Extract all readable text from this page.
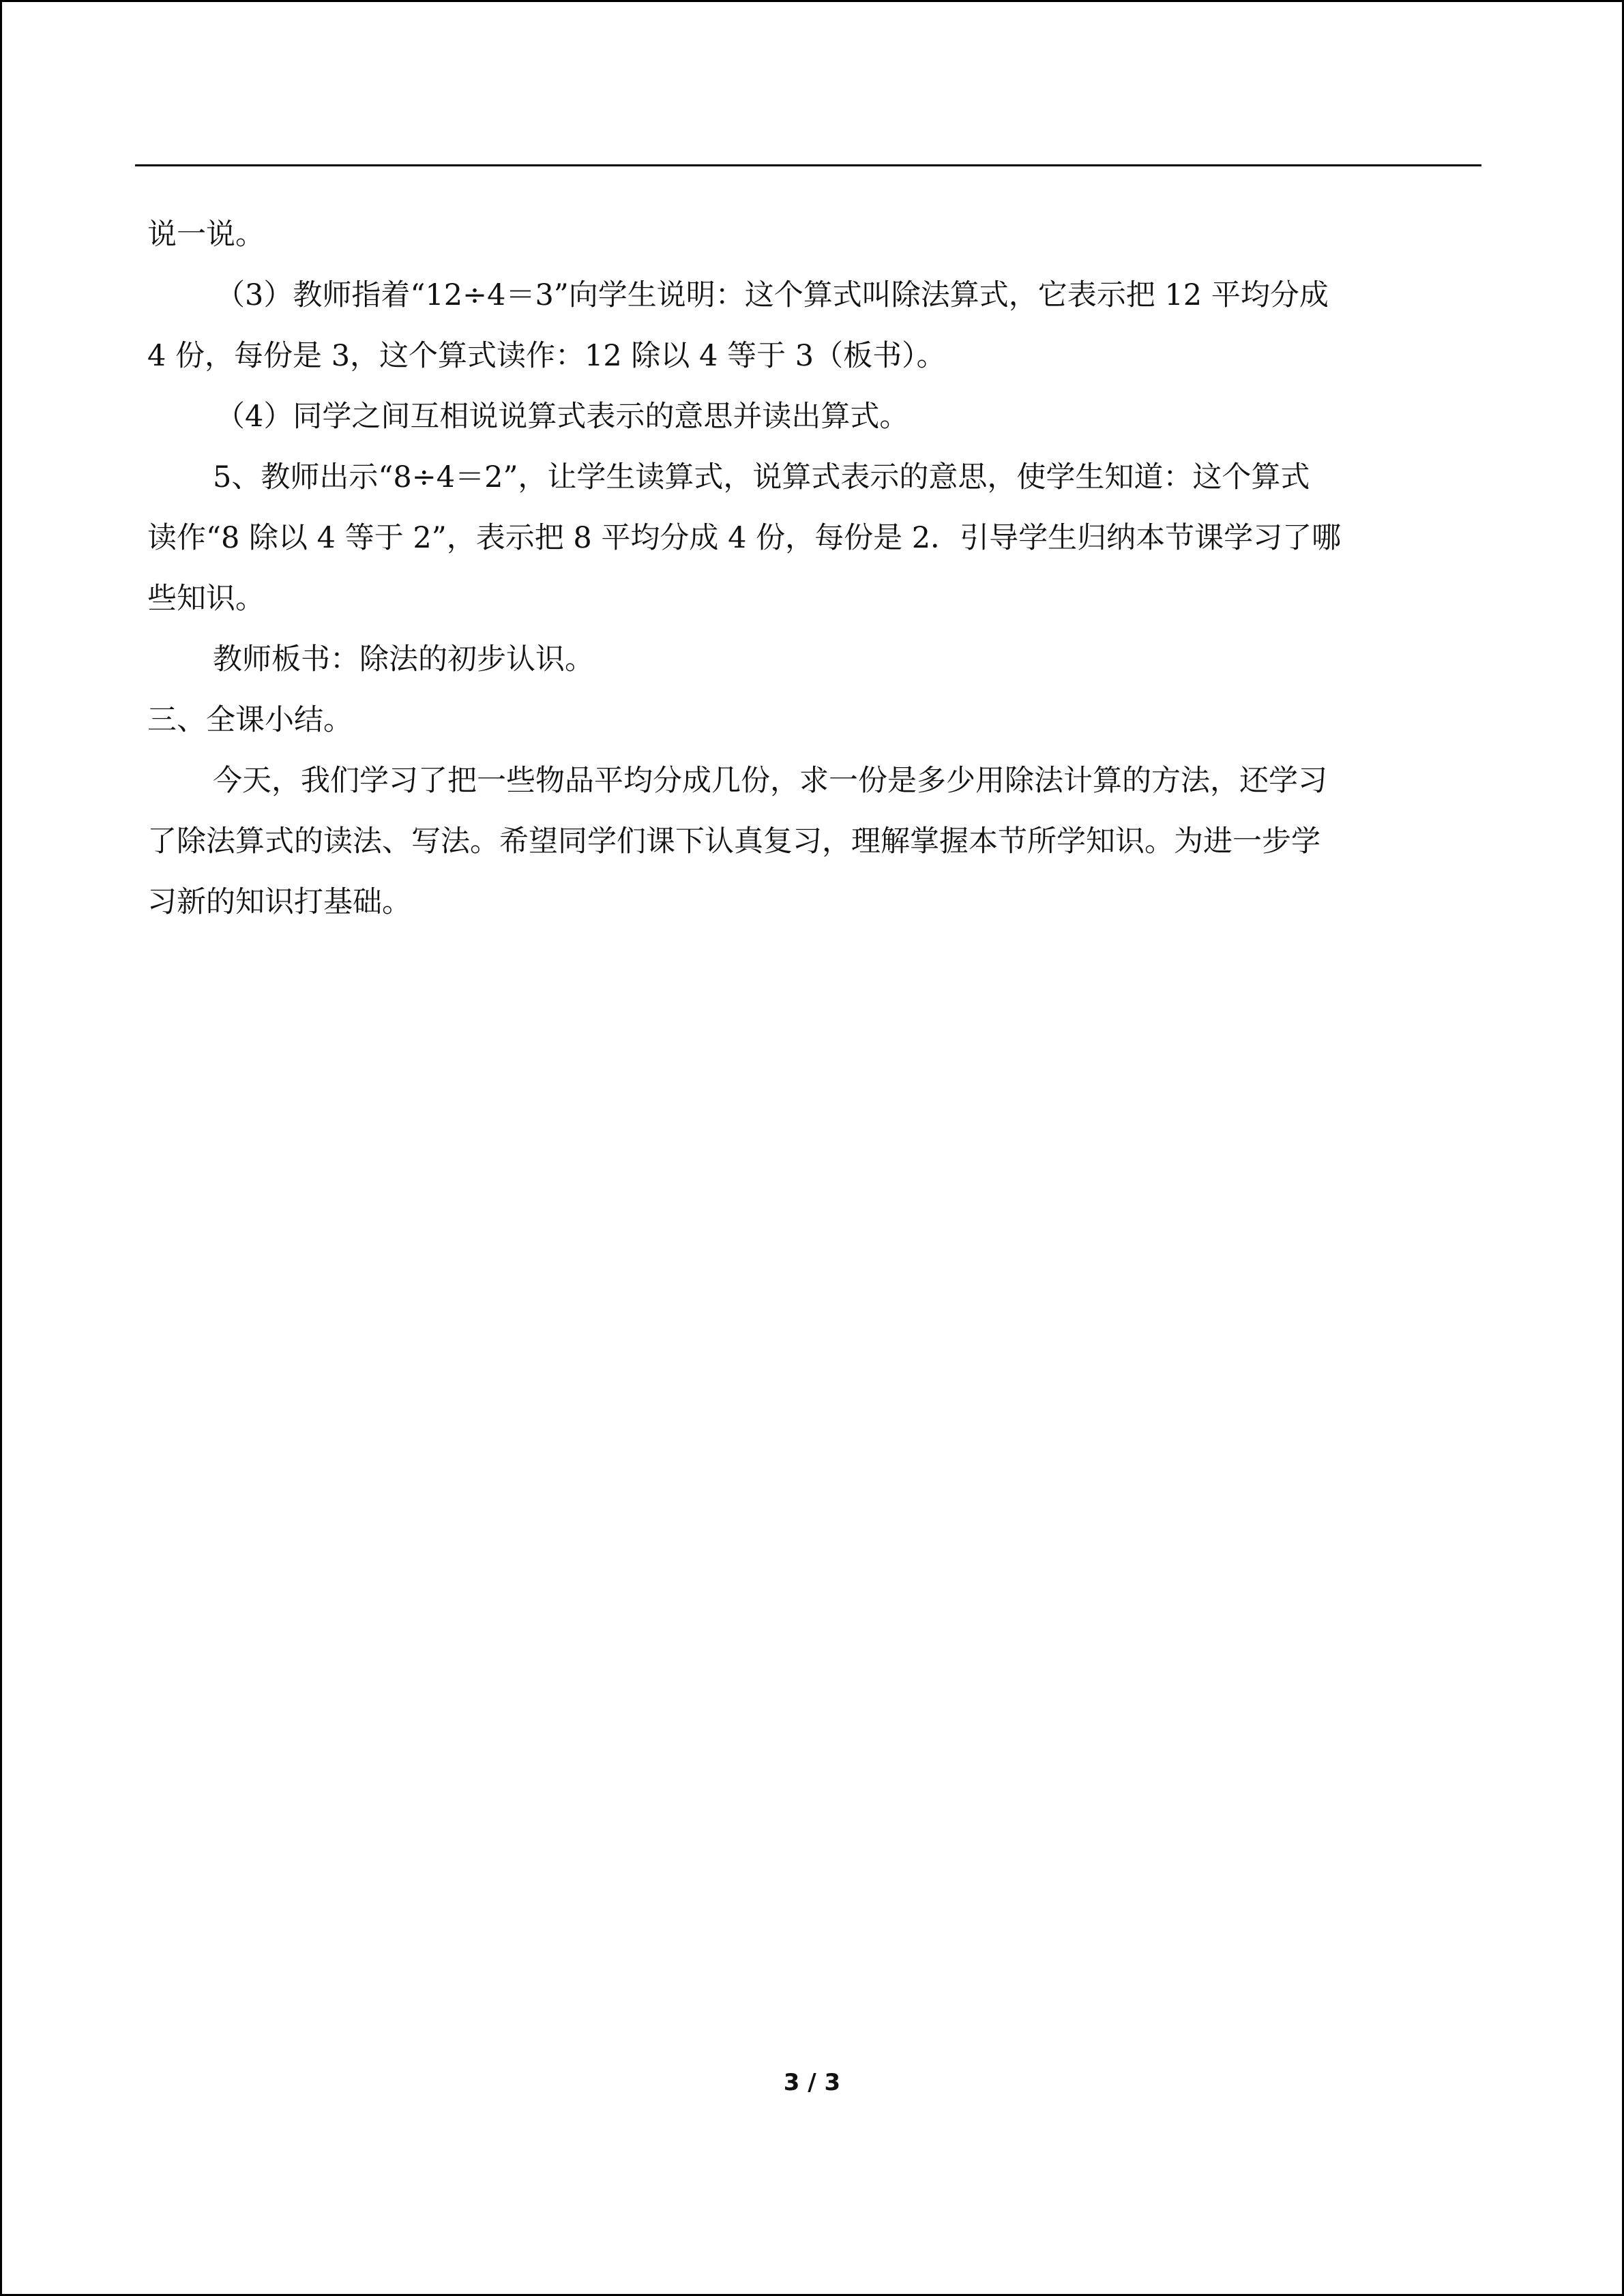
说一说。
（3）教师指着“12÷4＝3”向学生说明：这个算式叫除法算式，它表示把 12 平均分成
4 份，每份是 3，这个算式读作：12 除以 4 等于 3（板书）。
（4）同学之间互相说说算式表示的意思并读出算式。
5、教师出示“8÷4＝2”，让学生读算式，说算式表示的意思，使学生知道：这个算式
读作“8 除以 4 等于 2”，表示把 8 平均分成 4 份，每份是 2．引导学生归纳本节课学习了哪
些知识。
教师板书：除法的初步认识。
三、全课小结。
今天，我们学习了把一些物品平均分成几份，求一份是多少用除法计算的方法，还学习
了除法算式的读法、写法。希望同学们课下认真复习，理解掌握本节所学知识。为进一步学
习新的知识打基础。
3 / 3
